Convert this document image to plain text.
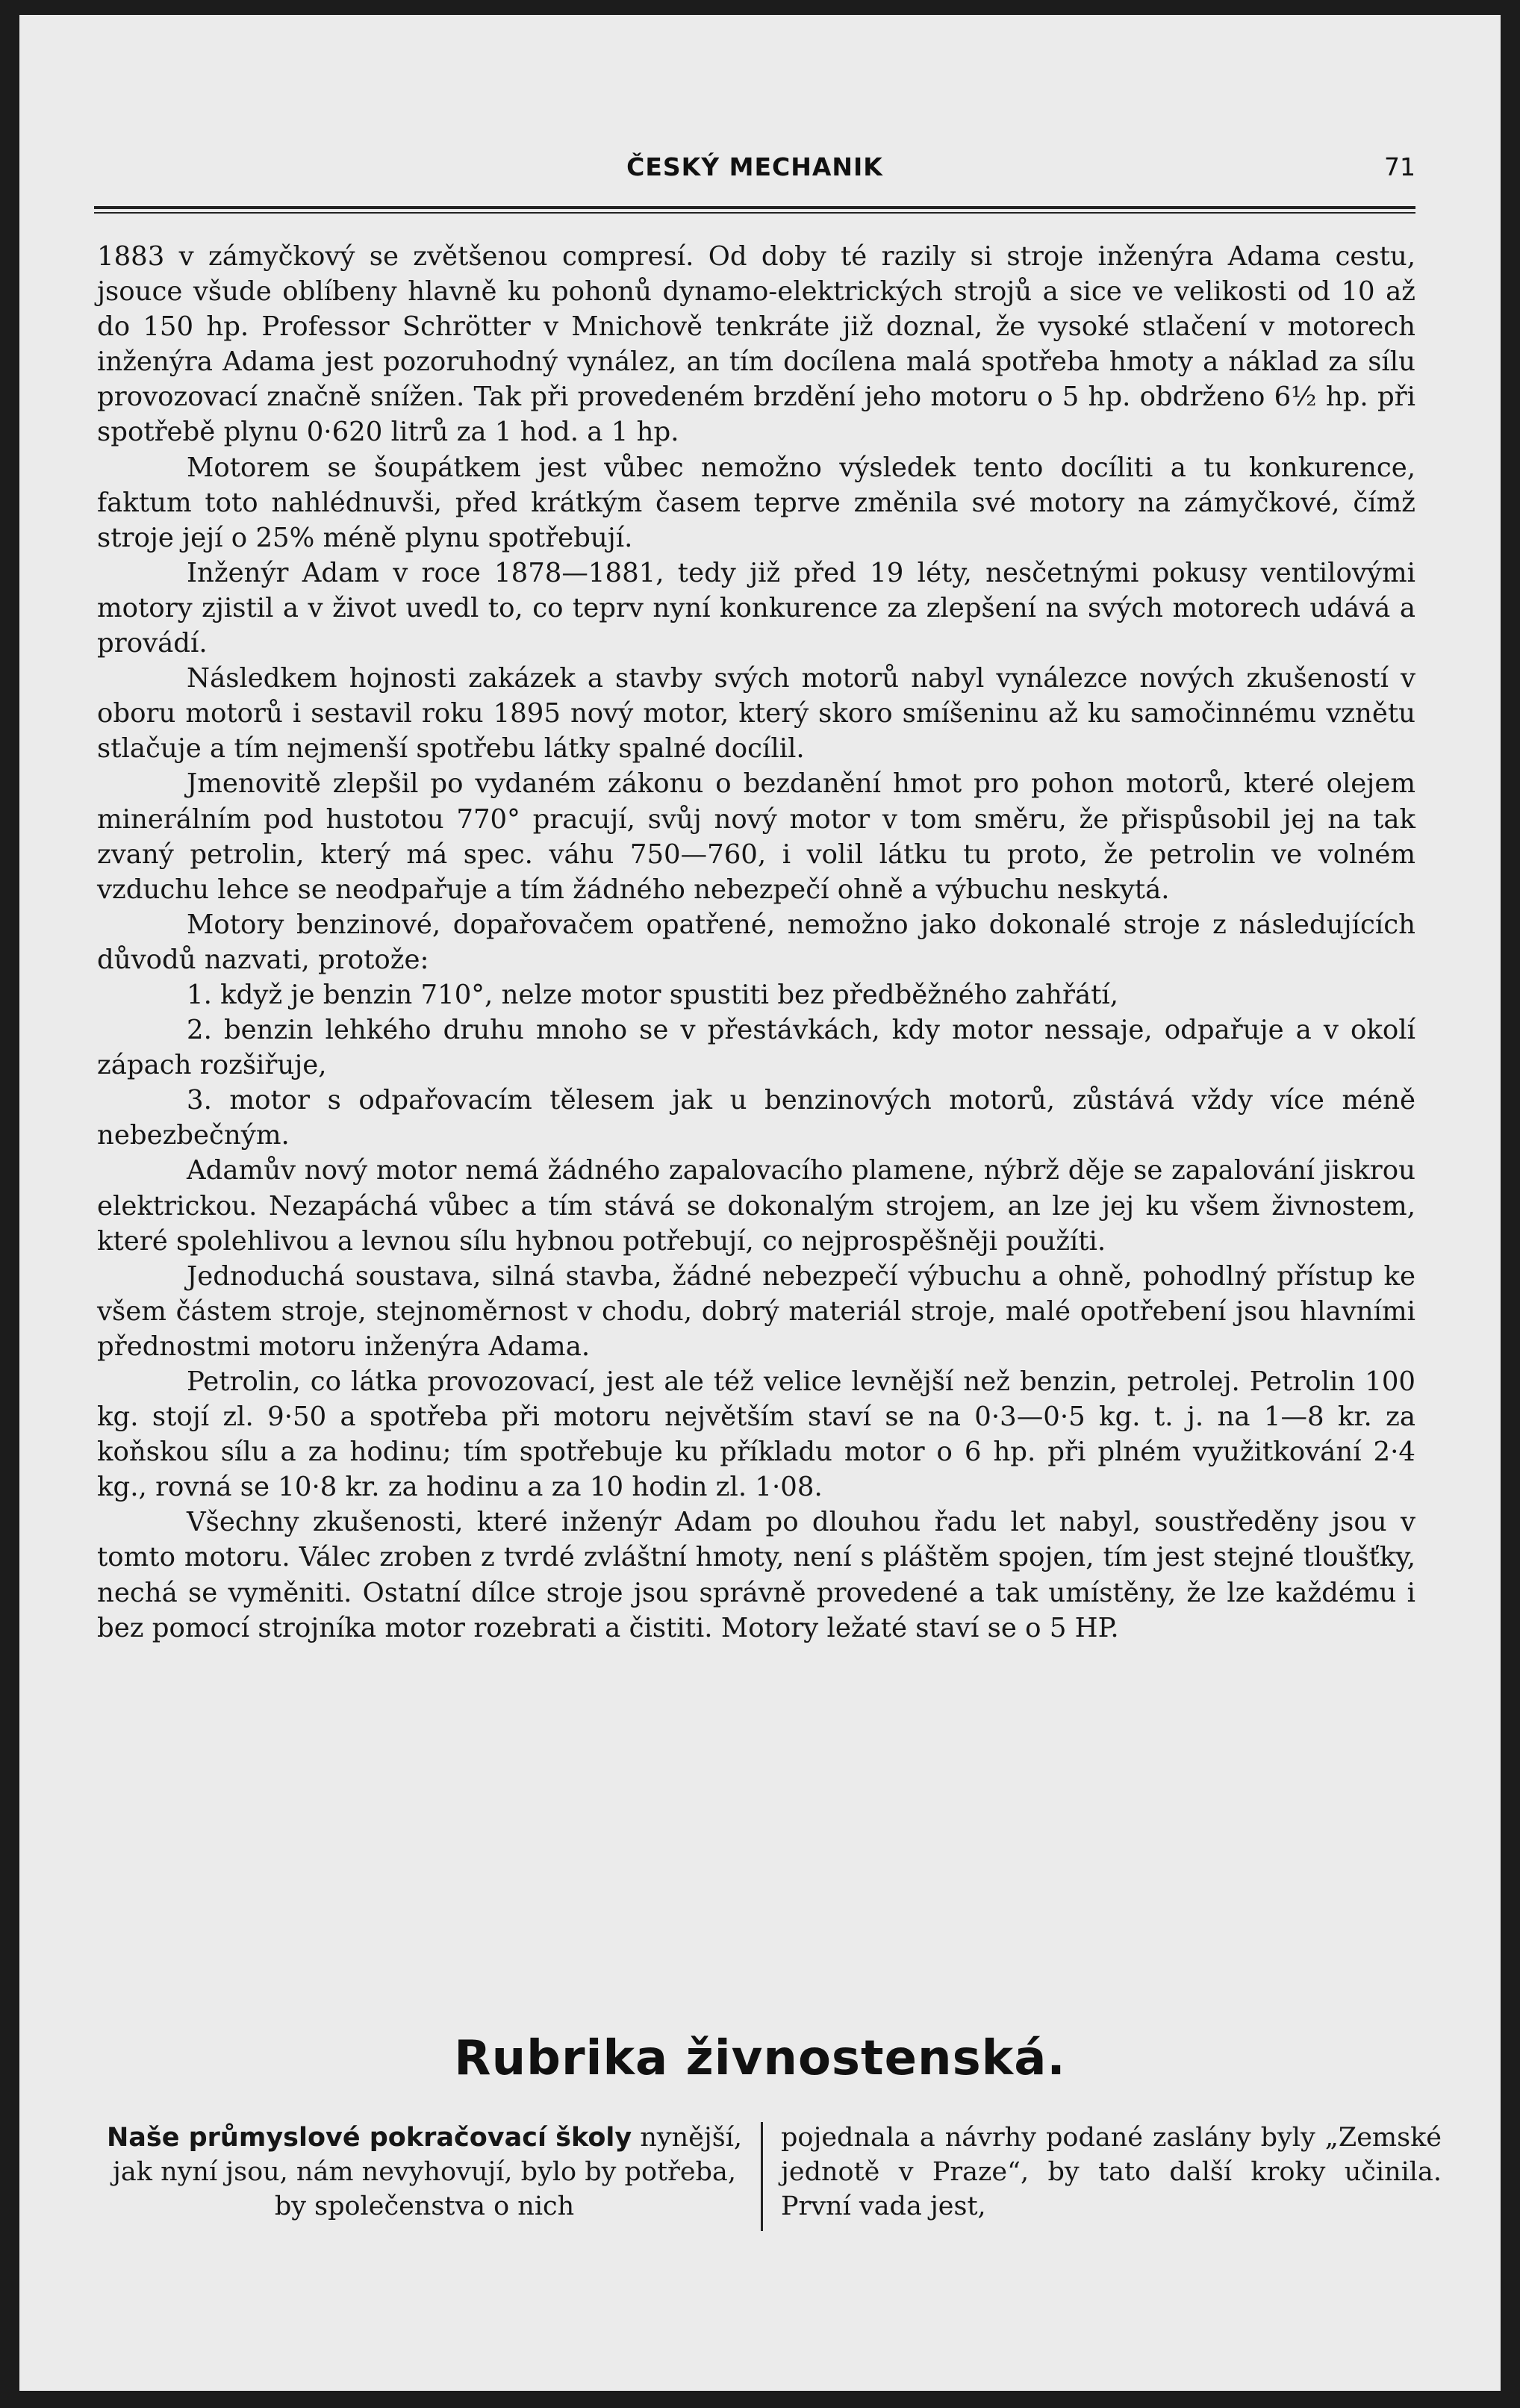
ČESKÝ MECHANIK	71

1883 v zámyčkový se zvětšenou compresí. Od doby té razily si stroje inženýra Adama cestu, jsouce všude oblíbeny hlavně ku pohonů dynamo-elektrických strojů a sice ve velikosti od 10 až do 150 hp. Professor Schrötter v Mnichově tenkráte již doznal, že vysoké stlačení v motorech inženýra Adama jest pozoruhodný vynález, an tím docílena malá spotřeba hmoty a náklad za sílu provozovací značně snížen. Tak při provedeném brzdění jeho motoru o 5 hp. obdrženo 6½ hp. při spotřebě plynu 0·620 litrů za 1 hod. a 1 hp.

Motorem se šoupátkem jest vůbec nemožno výsledek tento docíliti a tu konkurence, faktum toto nahlédnuvši, před krátkým časem teprve změnila své motory na zámyčkové, čímž stroje její o 25% méně plynu spotřebují.

Inženýr Adam v roce 1878—1881, tedy již před 19 léty, nesčetnými pokusy ventilovými motory zjistil a v život uvedl to, co teprv nyní konkurence za zlepšení na svých motorech udává a provádí.

Následkem hojnosti zakázek a stavby svých motorů nabyl vynálezce nových zkušeností v oboru motorů i sestavil roku 1895 nový motor, který skoro smíšeninu až ku samočinnému vznětu stlačuje a tím nejmenší spotřebu látky spalné docílil.

Jmenovitě zlepšil po vydaném zákonu o bezdanění hmot pro pohon motorů, které olejem minerálním pod hustotou 770° pracují, svůj nový motor v tom směru, že přispůsobil jej na tak zvaný petrolin, který má spec. váhu 750—760, i volil látku tu proto, že petrolin ve volném vzduchu lehce se neodpařuje a tím žádného nebezpečí ohně a výbuchu neskytá.

Motory benzinové, dopařovačem opatřené, nemožno jako dokonalé stroje z následujících důvodů nazvati, protože:

1. když je benzin 710°, nelze motor spustiti bez předběžného zahřátí,

2. benzin lehkého druhu mnoho se v přestávkách, kdy motor nessaje, odpařuje a v okolí zápach rozšiřuje,

3. motor s odpařovacím tělesem jak u benzinových motorů, zůstává vždy více méně nebezbečným.

Adamův nový motor nemá žádného zapalovacího plamene, nýbrž děje se zapalování jiskrou elektrickou. Nezapáchá vůbec a tím stává se dokonalým strojem, an lze jej ku všem živnostem, které spolehlivou a levnou sílu hybnou potřebují, co nejprospěšněji použíti.

Jednoduchá soustava, silná stavba, žádné nebezpečí výbuchu a ohně, pohodlný přístup ke všem částem stroje, stejnoměrnost v chodu, dobrý materiál stroje, malé opotřebení jsou hlavními přednostmi motoru inženýra Adama.

Petrolin, co látka provozovací, jest ale též velice levnější než benzin, petrolej. Petrolin 100 kg. stojí zl. 9·50 a spotřeba při motoru největším staví se na 0·3—0·5 kg. t. j. na 1—8 kr. za koňskou sílu a za hodinu; tím spotřebuje ku příkladu motor o 6 hp. při plném využitkování 2·4 kg., rovná se 10·8 kr. za hodinu a za 10 hodin zl. 1·08.

Všechny zkušenosti, které inženýr Adam po dlouhou řadu let nabyl, soustředěny jsou v tomto motoru. Válec zroben z tvrdé zvláštní hmoty, není s pláštěm spojen, tím jest stejné tloušťky, nechá se vyměniti. Ostatní dílce stroje jsou správně provedené a tak umístěny, že lze každému i bez pomocí strojníka motor rozebrati a čistiti. Motory ležaté staví se o 5 HP.

Rubrika živnostenská.
Naše průmyslové pokračovací školy nynější, jak nyní jsou, nám nevyhovují, bylo by potřeba, by společenstva o nich
pojednala a návrhy podané zaslány byly „Zemské jednotě v Praze“, by tato další kroky učinila. První vada jest,
